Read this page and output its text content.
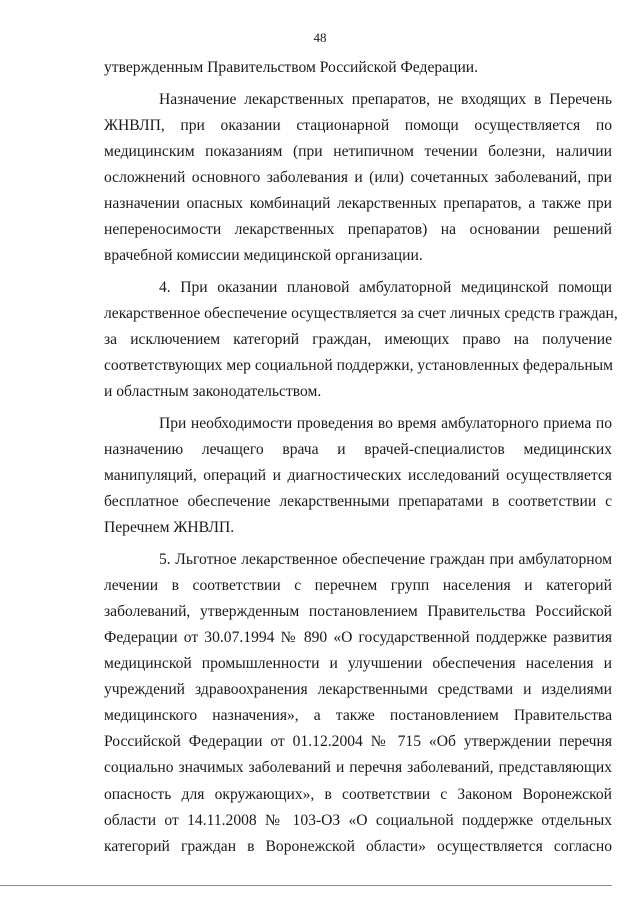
48
утвержденным Правительством Российской Федерации.
Назначение лекарственных препаратов, не входящих в Перечень
ЖНВЛП, при оказании стационарной помощи осуществляется по
медицинским показаниям (при нетипичном течении болезни, наличии
осложнений основного заболевания и (или) сочетанных заболеваний, при
назначении опасных комбинаций лекарственных препаратов, а также при
непереносимости лекарственных препаратов) на основании решений
врачебной комиссии медицинской организации.
4. При оказании плановой амбулаторной медицинской помощи
лекарственное обеспечение осуществляется за счет личных средств граждан,
за исключением категорий граждан, имеющих право на получение
соответствующих мер социальной поддержки, установленных федеральным
и областным законодательством.
При необходимости проведения во время амбулаторного приема по
назначению лечащего врача и врачей-специалистов медицинских
манипуляций, операций и диагностических исследований осуществляется
бесплатное обеспечение лекарственными препаратами в соответствии с
Перечнем ЖНВЛП.
5. Льготное лекарственное обеспечение граждан при амбулаторном
лечении в соответствии с перечнем групп населения и категорий
заболеваний, утвержденным постановлением Правительства Российской
Федерации от 30.07.1994 № 890 «О государственной поддержке развития
медицинской промышленности и улучшении обеспечения населения и
учреждений здравоохранения лекарственными средствами и изделиями
медицинского назначения», а также постановлением Правительства
Российской Федерации от 01.12.2004 № 715 «Об утверждении перечня
социально значимых заболеваний и перечня заболеваний, представляющих
опасность для окружающих», в соответствии с Законом Воронежской
области от 14.11.2008 № 103-ОЗ «О социальной поддержке отдельных
категорий граждан в Воронежской области» осуществляется согласно
